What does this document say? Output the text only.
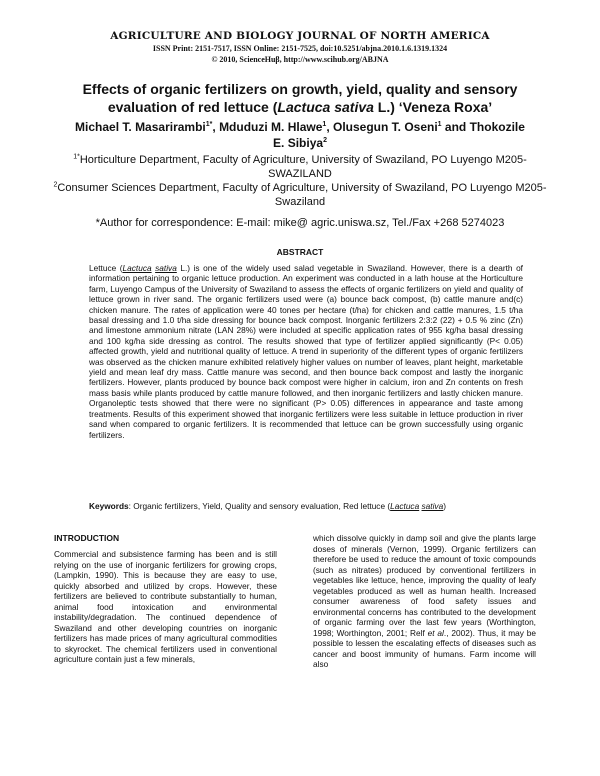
AGRICULTURE AND BIOLOGY JOURNAL OF NORTH AMERICA
ISSN Print: 2151-7517, ISSN Online: 2151-7525, doi:10.5251/abjna.2010.1.6.1319.1324
© 2010, ScienceHuβ, http://www.scihub.org/ABJNA
Effects of organic fertilizers on growth, yield, quality and sensory evaluation of red lettuce (Lactuca sativa L.) ‘Veneza Roxa’
Michael T. Masarirambi$^{1*}$, Mduduzi M. Hlawe$^1$, Olusegun T. Oseni$^1$ and Thokozile E. Sibiya$^2$
$^{1*}$Horticulture Department, Faculty of Agriculture, University of Swaziland, PO Luyengo M205-SWAZILAND
$^2$Consumer Sciences Department, Faculty of Agriculture, University of Swaziland, PO Luyengo M205-Swaziland
*Author for correspondence: E-mail: mike@ agric.uniswa.sz, Tel./Fax +268 5274023
ABSTRACT
Lettuce (Lactuca sativa L.) is one of the widely used salad vegetable in Swaziland. However, there is a dearth of information pertaining to organic lettuce production. An experiment was conducted in a lath house at the Horticulture farm, Luyengo Campus of the University of Swaziland to assess the effects of organic fertilizers on yield and quality of lettuce grown in river sand. The organic fertilizers used were (a) bounce back compost, (b) cattle manure and(c) chicken manure. The rates of application were 40 tones per hectare (t/ha) for chicken and cattle manures, 1.5 t/ha basal dressing and 1.0 t/ha side dressing for bounce back compost. Inorganic fertilizers 2:3:2 (22) + 0.5 % zinc (Zn) and limestone ammonium nitrate (LAN 28%) were included at specific application rates of 955 kg/ha basal dressing and 100 kg/ha side dressing as control. The results showed that type of fertilizer applied significantly (P< 0.05) affected growth, yield and nutritional quality of lettuce. A trend in superiority of the different types of organic fertilizers was observed as the chicken manure exhibited relatively higher values on number of leaves, plant height, marketable yield and mean leaf dry mass. Cattle manure was second, and then bounce back compost and lastly the inorganic fertilizers. However, plants produced by bounce back compost were higher in calcium, iron and Zn contents on fresh mass basis while plants produced by cattle manure followed, and then inorganic fertilizers and lastly chicken manure. Organoleptic tests showed that there were no significant (P> 0.05) differences in appearance and taste among treatments. Results of this experiment showed that inorganic fertilizers were less suitable in lettuce production in river sand when compared to organic fertilizers. It is recommended that lettuce can be grown successfully using organic fertilizers.
Keywords: Organic fertilizers, Yield, Quality and sensory evaluation, Red lettuce (Lactuca sativa)
INTRODUCTION
Commercial and subsistence farming has been and is still relying on the use of inorganic fertilizers for growing crops, (Lampkin, 1990). This is because they are easy to use, quickly absorbed and utilized by crops. However, these fertilizers are believed to contribute substantially to human, animal food intoxication and environmental instability/degradation. The continued dependence of Swaziland and other developing countries on inorganic fertilizers has made prices of many agricultural commodities to skyrocket. The chemical fertilizers used in conventional agriculture contain just a few minerals,
which dissolve quickly in damp soil and give the plants large doses of minerals (Vernon, 1999). Organic fertilizers can therefore be used to reduce the amount of toxic compounds (such as nitrates) produced by conventional fertilizers in vegetables like lettuce, hence, improving the quality of leafy vegetables produced as well as human health. Increased consumer awareness of food safety issues and environmental concerns has contributed to the development of organic farming over the last few years (Worthington, 1998; Worthington, 2001; Relf et al., 2002). Thus, it may be possible to lessen the escalating effects of diseases such as cancer and boost immunity of humans. Farm income will also
